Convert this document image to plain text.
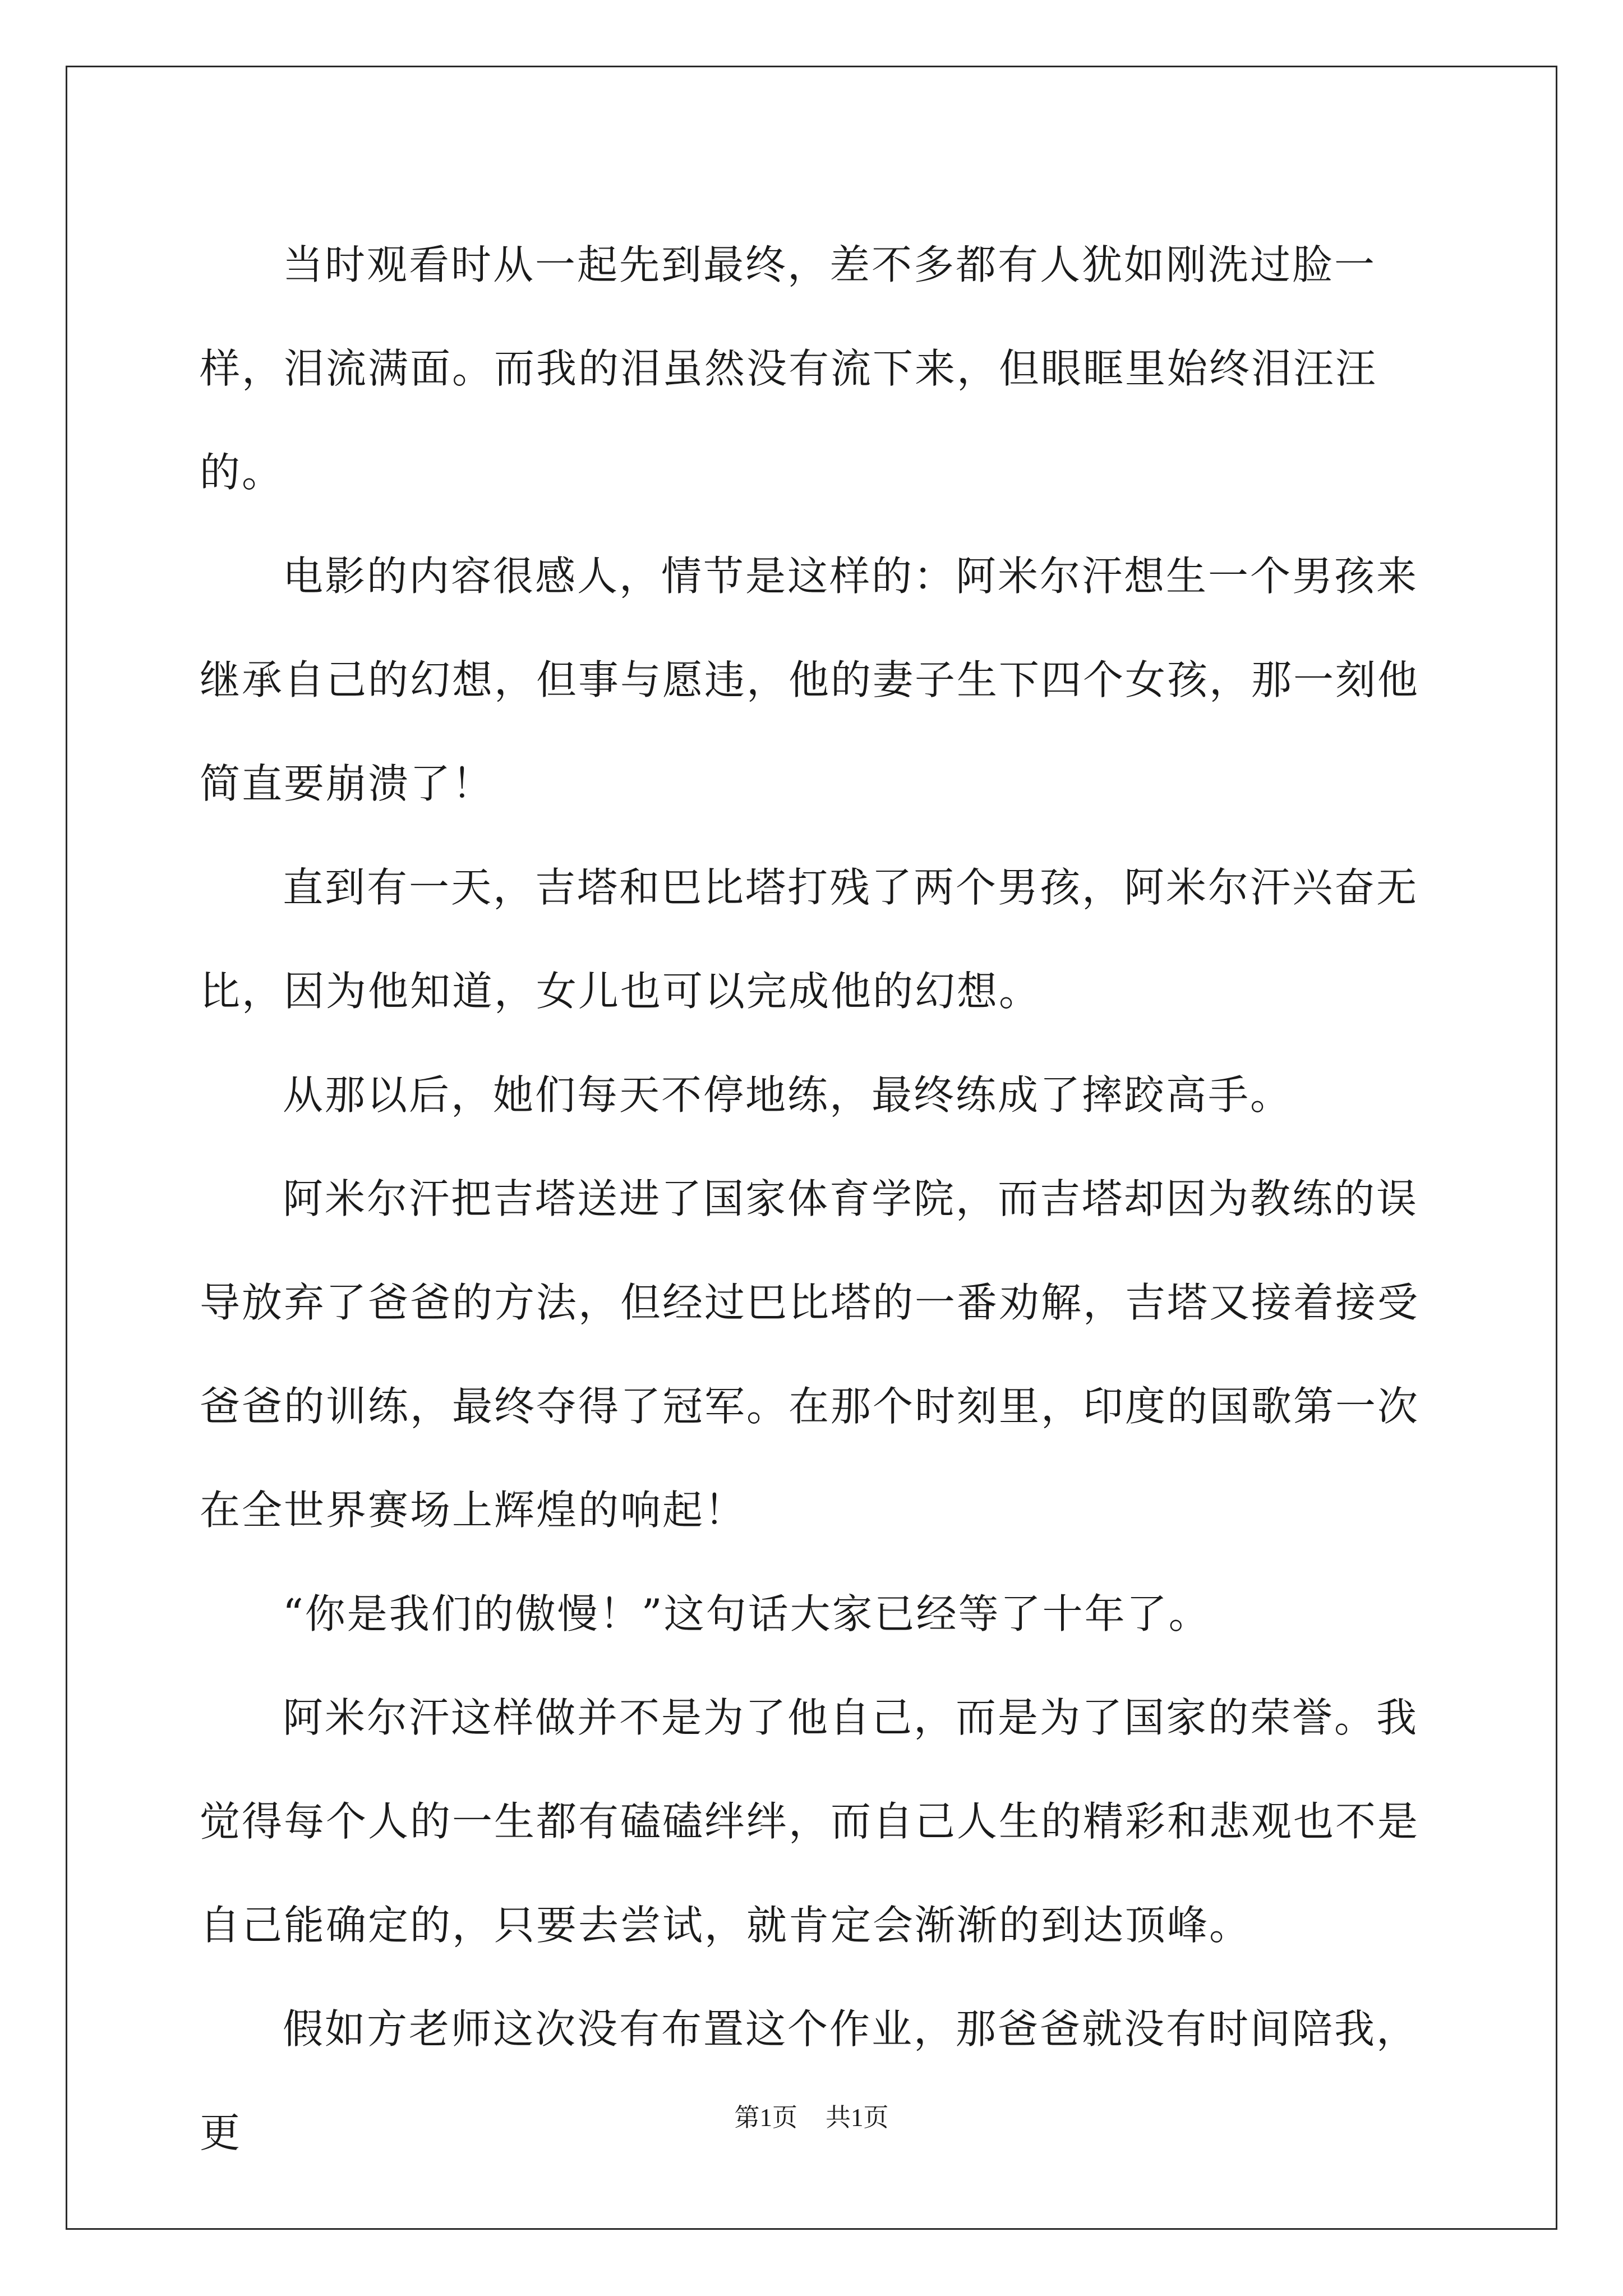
当时观看时从一起先到最终，差不多都有人犹如刚洗过脸一样，泪流满面。而我的泪虽然没有流下来，但眼眶里始终泪汪汪的。

电影的内容很感人，情节是这样的：阿米尔汗想生一个男孩来继承自己的幻想，但事与愿违，他的妻子生下四个女孩，那一刻他简直要崩溃了！

直到有一天，吉塔和巴比塔打残了两个男孩，阿米尔汗兴奋无比，因为他知道，女儿也可以完成他的幻想。

从那以后，她们每天不停地练，最终练成了摔跤高手。

阿米尔汗把吉塔送进了国家体育学院，而吉塔却因为教练的误导放弃了爸爸的方法，但经过巴比塔的一番劝解，吉塔又接着接受爸爸的训练，最终夺得了冠军。在那个时刻里，印度的国歌第一次在全世界赛场上辉煌的响起！

“你是我们的傲慢！”这句话大家已经等了十年了。

阿米尔汗这样做并不是为了他自己，而是为了国家的荣誉。我觉得每个人的一生都有磕磕绊绊，而自己人生的精彩和悲观也不是自己能确定的，只要去尝试，就肯定会渐渐的到达顶峰。

假如方老师这次没有布置这个作业，那爸爸就没有时间陪我，更	第1页 共1页
